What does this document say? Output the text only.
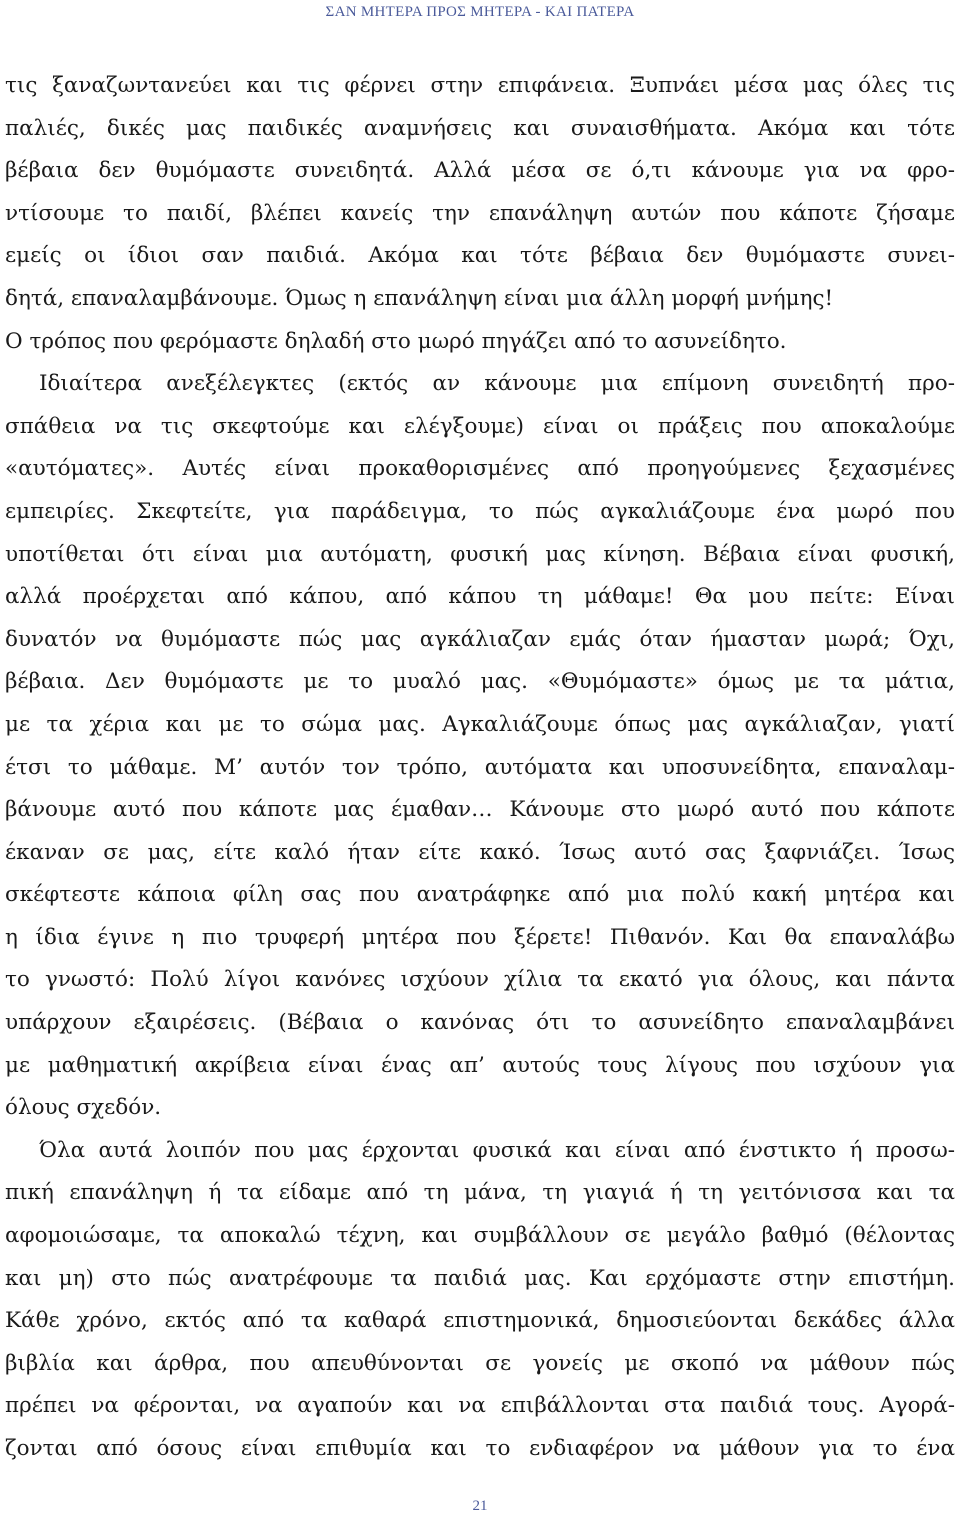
ΣΑΝ ΜΗΤΕΡΑ ΠΡΟΣ ΜΗΤΕΡΑ - ΚΑΙ ΠΑΤΕΡΑ
τις ξαναζωντανεύει και τις φέρνει στην επιφάνεια. Ξυπνάει μέσα μας όλες τις
παλιές, δικές μας παιδικές αναμνήσεις και συναισθήματα. Ακόμα και τότε
βέβαια δεν θυμόμαστε συνειδητά. Αλλά μέσα σε ό,τι κάνουμε για να φρο-
ντίσουμε το παιδί, βλέπει κανείς την επανάληψη αυτών που κάποτε ζήσαμε
εμείς οι ίδιοι σαν παιδιά. Ακόμα και τότε βέβαια δεν θυμόμαστε συνει-
δητά, επαναλαμβάνουμε. Όμως η επανάληψη είναι μια άλλη μορφή μνήμης!
Ο τρόπος που φερόμαστε δηλαδή στο μωρό πηγάζει από το ασυνείδητο.
Ιδιαίτερα ανεξέλεγκτες (εκτός αν κάνουμε μια επίμονη συνειδητή προ-
σπάθεια να τις σκεφτούμε και ελέγξουμε) είναι οι πράξεις που αποκαλούμε
«αυτόματες». Αυτές είναι προκαθορισμένες από προηγούμενες ξεχασμένες
εμπειρίες. Σκεφτείτε, για παράδειγμα, το πώς αγκαλιάζουμε ένα μωρό που
υποτίθεται ότι είναι μια αυτόματη, φυσική μας κίνηση. Βέβαια είναι φυσική,
αλλά προέρχεται από κάπου, από κάπου τη μάθαμε! Θα μου πείτε: Είναι
δυνατόν να θυμόμαστε πώς μας αγκάλιαζαν εμάς όταν ήμασταν μωρά; Όχι,
βέβαια. Δεν θυμόμαστε με το μυαλό μας. «Θυμόμαστε» όμως με τα μάτια,
με τα χέρια και με το σώμα μας. Αγκαλιάζουμε όπως μας αγκάλιαζαν, γιατί
έτσι το μάθαμε. Μ’ αυτόν τον τρόπο, αυτόματα και υποσυνείδητα, επαναλαμ-
βάνουμε αυτό που κάποτε μας έμαθαν… Κάνουμε στο μωρό αυτό που κάποτε
έκαναν σε μας, είτε καλό ήταν είτε κακό. Ίσως αυτό σας ξαφνιάζει. Ίσως
σκέφτεστε κάποια φίλη σας που ανατράφηκε από μια πολύ κακή μητέρα και
η ίδια έγινε η πιο τρυφερή μητέρα που ξέρετε! Πιθανόν. Και θα επαναλάβω
το γνωστό: Πολύ λίγοι κανόνες ισχύουν χίλια τα εκατό για όλους, και πάντα
υπάρχουν εξαιρέσεις. (Βέβαια ο κανόνας ότι το ασυνείδητο επαναλαμβάνει
με μαθηματική ακρίβεια είναι ένας απ’ αυτούς τους λίγους που ισχύουν για
όλους σχεδόν.
Όλα αυτά λοιπόν που μας έρχονται φυσικά και είναι από ένστικτο ή προσω-
πική επανάληψη ή τα είδαμε από τη μάνα, τη γιαγιά ή τη γειτόνισσα και τα
αφομοιώσαμε, τα αποκαλώ τέχνη, και συμβάλλουν σε μεγάλο βαθμό (θέλοντας
και μη) στο πώς ανατρέφουμε τα παιδιά μας. Και ερχόμαστε στην επιστήμη.
Κάθε χρόνο, εκτός από τα καθαρά επιστημονικά, δημοσιεύονται δεκάδες άλλα
βιβλία και άρθρα, που απευθύνονται σε γονείς με σκοπό να μάθουν πώς
πρέπει να φέρονται, να αγαπούν και να επιβάλλονται στα παιδιά τους. Αγορά-
ζονται από όσους είναι επιθυμία και το ενδιαφέρον να μάθουν για το ένα
21
